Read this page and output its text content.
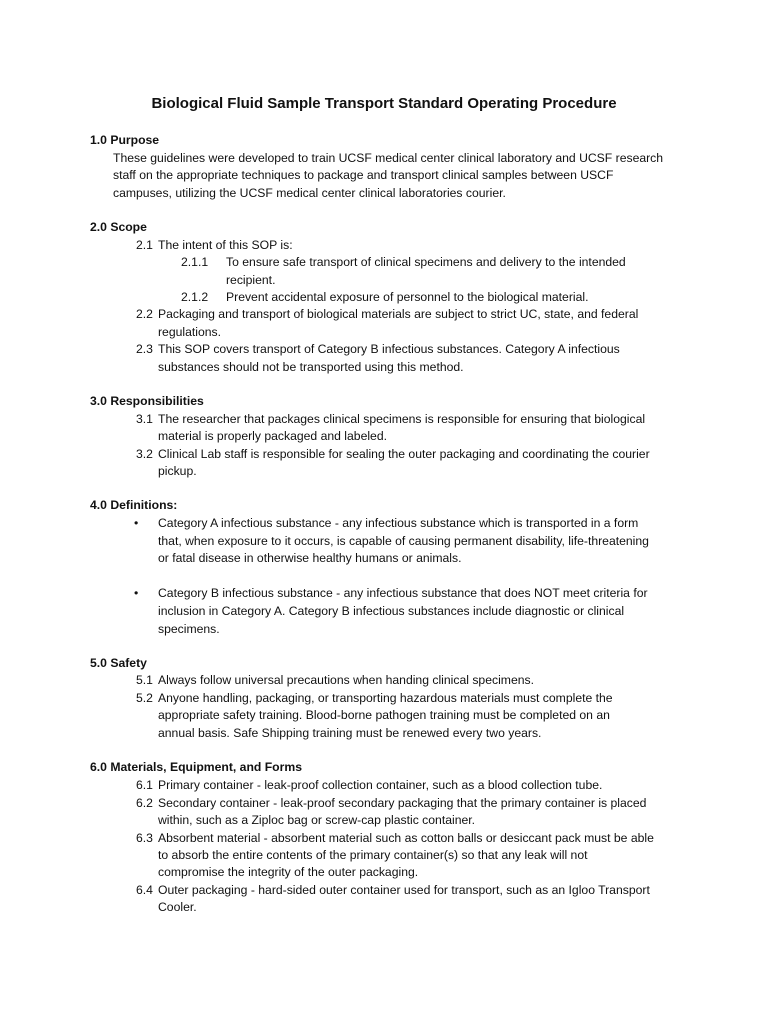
Biological Fluid Sample Transport Standard Operating Procedure
1.0 Purpose
These guidelines were developed to train UCSF medical center clinical laboratory and UCSF research
staff on the appropriate techniques to package and transport clinical samples between USCF
campuses, utilizing the UCSF medical center clinical laboratories courier.
2.0 Scope
2.1 The intent of this SOP is:
2.1.1 To ensure safe transport of clinical specimens and delivery to the intended
recipient.
2.1.2 Prevent accidental exposure of personnel to the biological material.
2.2 Packaging and transport of biological materials are subject to strict UC, state, and federal
regulations.
2.3 This SOP covers transport of Category B infectious substances. Category A infectious
substances should not be transported using this method.
3.0 Responsibilities
3.1 The researcher that packages clinical specimens is responsible for ensuring that biological
material is properly packaged and labeled.
3.2 Clinical Lab staff is responsible for sealing the outer packaging and coordinating the courier
pickup.
4.0 Definitions:
• Category A infectious substance - any infectious substance which is transported in a form
that, when exposure to it occurs, is capable of causing permanent disability, life-threatening
or fatal disease in otherwise healthy humans or animals.
• Category B infectious substance - any infectious substance that does NOT meet criteria for
inclusion in Category A. Category B infectious substances include diagnostic or clinical
specimens.
5.0 Safety
5.1 Always follow universal precautions when handing clinical specimens.
5.2 Anyone handling, packaging, or transporting hazardous materials must complete the
appropriate safety training. Blood-borne pathogen training must be completed on an
annual basis. Safe Shipping training must be renewed every two years.
6.0 Materials, Equipment, and Forms
6.1 Primary container - leak-proof collection container, such as a blood collection tube.
6.2 Secondary container - leak-proof secondary packaging that the primary container is placed
within, such as a Ziploc bag or screw-cap plastic container.
6.3 Absorbent material - absorbent material such as cotton balls or desiccant pack must be able
to absorb the entire contents of the primary container(s) so that any leak will not
compromise the integrity of the outer packaging.
6.4 Outer packaging - hard-sided outer container used for transport, such as an Igloo Transport
Cooler.
